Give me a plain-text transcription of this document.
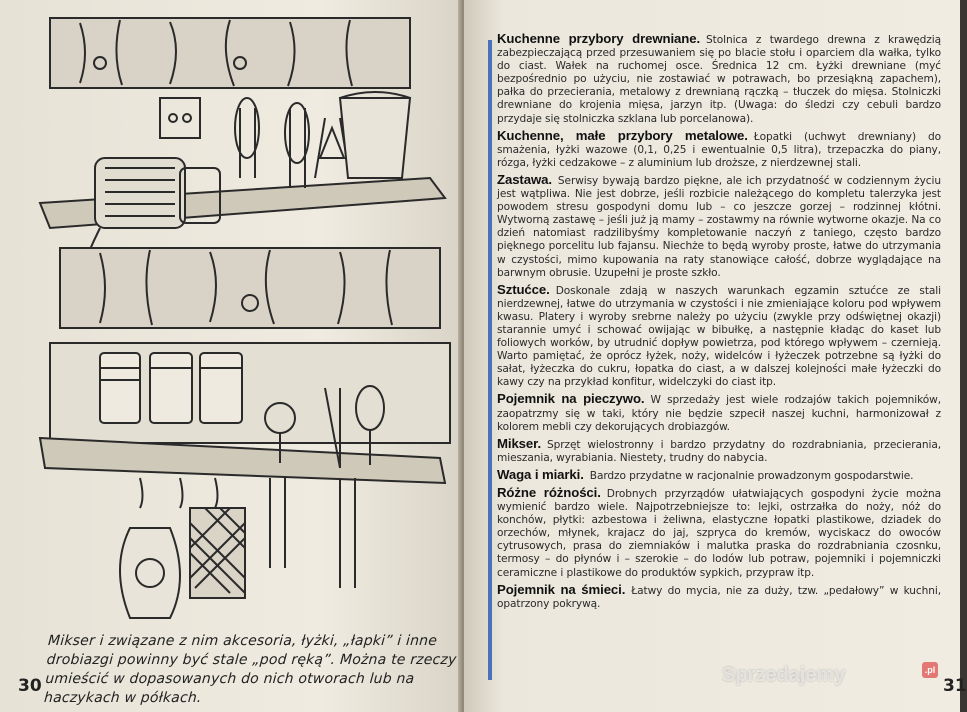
Mikser i związane z nim akcesoria, łyżki, „łapki” i inne drobiazgi powinny być stale „pod ręką”. Można te rzeczy umieścić w dopasowanych do nich otworach lub na haczykach w półkach.
30

Kuchenne przybory drewniane. Stolnica z twardego drewna z krawędzią zabezpieczającą przed przesuwaniem się po blacie stołu i oparciem dla wałka, tylko do ciast. Wałek na ruchomej osce. Średnica 12 cm. Łyżki drewniane (myć bezpośrednio po użyciu, nie zostawiać w potrawach, bo przesiąkną zapachem), pałka do przecierania, metalowy z drewnianą rączką – tłuczek do mięsa. Stolniczki drewniane do krojenia mięsa, jarzyn itp. (Uwaga: do śledzi czy cebuli bardzo przydaje się stolniczka szklana lub porcelanowa).

Kuchenne, małe przybory metalowe. Łopatki (uchwyt drewniany) do smażenia, łyżki wazowe (0,1, 0,25 i ewentualnie 0,5 litra), trzepaczka do piany, rózga, łyżki cedzakowe – z aluminium lub droższe, z nierdzewnej stali.

Zastawa. Serwisy bywają bardzo piękne, ale ich przydatność w codziennym życiu jest wątpliwa. Nie jest dobrze, jeśli rozbicie należącego do kompletu talerzyka jest powodem stresu gospodyni domu lub – co jeszcze gorzej – rodzinnej kłótni. Wytworną zastawę – jeśli już ją mamy – zostawmy na równie wytworne okazje. Na co dzień natomiast radzilibyśmy kompletowanie naczyń z taniego, często bardzo pięknego porcelitu lub fajansu. Niechże to będą wyroby proste, łatwe do utrzymania w czystości, mimo kupowania na raty stanowiące całość, dobrze wyglądające na barwnym obrusie. Uzupełni je proste szkło.

Sztućce. Doskonale zdają w naszych warunkach egzamin sztućce ze stali nierdzewnej, łatwe do utrzymania w czystości i nie zmieniające koloru pod wpływem kwasu. Platery i wyroby srebrne należy po użyciu (zwykle przy odświętnej okazji) starannie umyć i schować owijając w bibułkę, a następnie kładąc do kaset lub foliowych worków, by utrudnić dopływ powietrza, pod którego wpływem – czernieją. Warto pamiętać, że oprócz łyżek, noży, widelców i łyżeczek potrzebne są łyżki do sałat, łyżeczka do cukru, łopatka do ciast, a w dalszej kolejności małe łyżeczki do kawy czy na przykład konfitur, widelczyki do ciast itp.

Pojemnik na pieczywo. W sprzedaży jest wiele rodzajów takich pojemników, zaopatrzmy się w taki, który nie będzie szpecił naszej kuchni, harmonizował z kolorem mebli czy dekorujących drobiazgów.

Mikser. Sprzęt wielostronny i bardzo przydatny do rozdrabniania, przecierania, mieszania, wyrabiania. Niestety, trudny do nabycia.

Waga i miarki. Bardzo przydatne w racjonalnie prowadzonym gospodarstwie.

Różne różności. Drobnych przyrządów ułatwiających gospodyni życie można wymienić bardzo wiele. Najpotrzebniejsze to: lejki, ostrzałka do noży, nóż do konchów, płytki: azbestowa i żeliwna, elastyczne łopatki plastikowe, dziadek do orzechów, młynek, krajacz do jaj, szpryca do kremów, wyciskacz do owoców cytrusowych, prasa do ziemniaków i malutka praska do rozdrabniania czosnku, termosy – do płynów i – szerokie – do lodów lub potraw, pojemniki i pojemniczki ceramiczne i plastikowe do produktów sypkich, przypraw itp.

Pojemnik na śmieci. Łatwy do mycia, nie za duży, tzw. „pedałowy” w kuchni, opatrzony pokrywą.

31
Sprzedajemy	.pl
